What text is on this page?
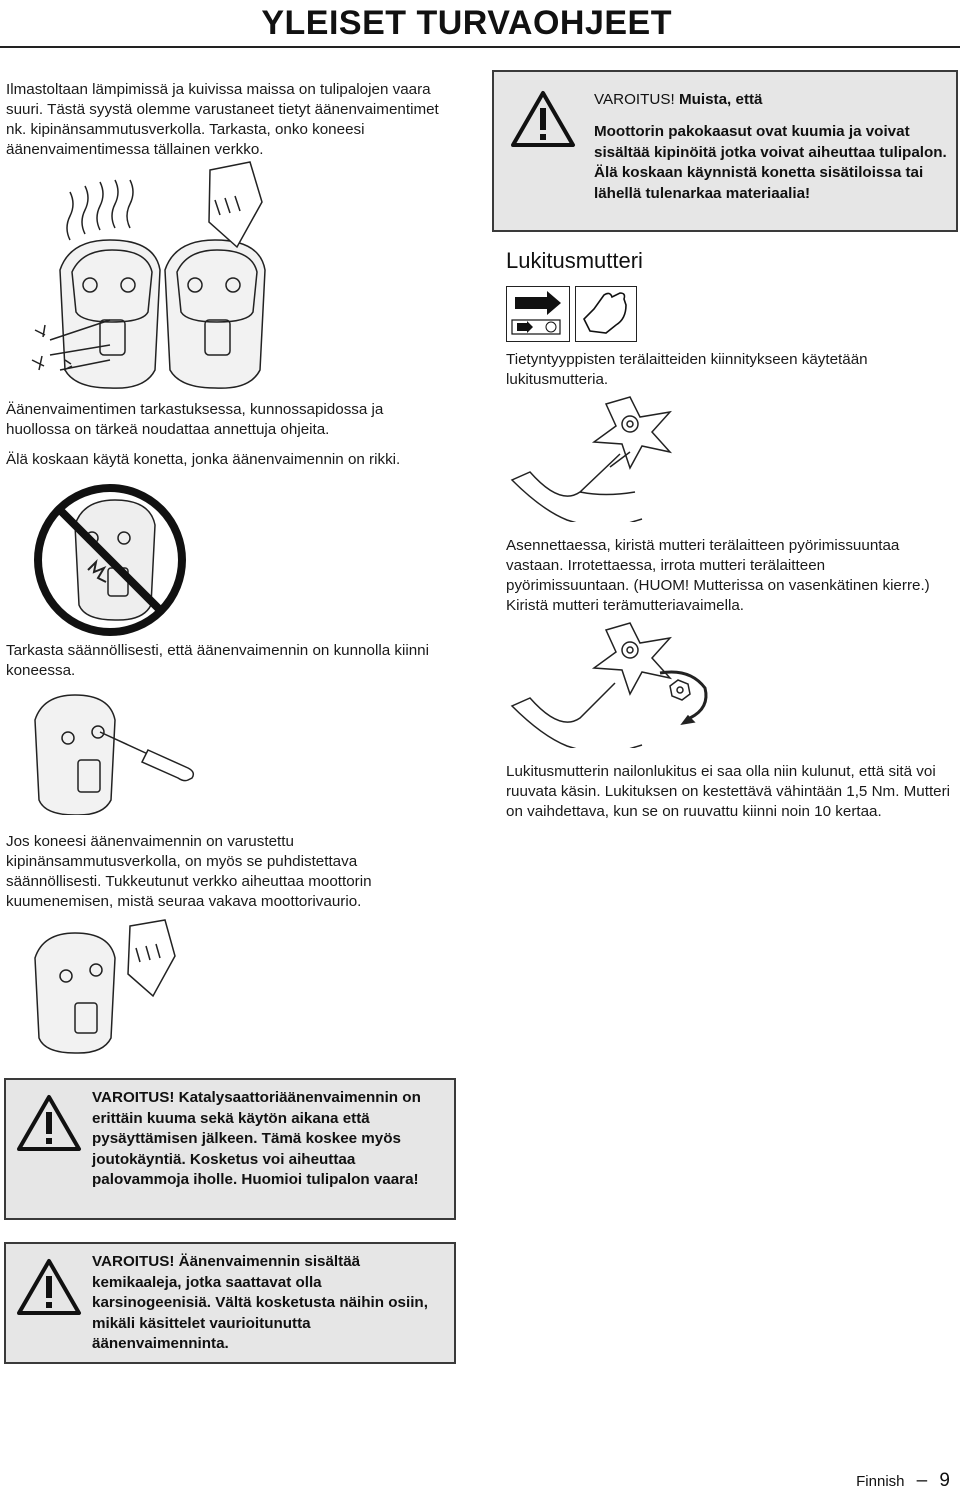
YLEISET TURVAOHJEET
Ilmastoltaan lämpimissä ja kuivissa maissa on tulipalojen vaara suuri. Tästä syystä olemme varustaneet tietyt äänenvaimentimet nk. kipinänsammutusverkolla. Tarkasta, onko koneesi äänenvaimentimessa tällainen verkko.
Äänenvaimentimen tarkastuksessa, kunnossapidossa ja huollossa on tärkeä noudattaa annettuja ohjeita.
Älä koskaan käytä konetta, jonka äänenvaimennin on rikki.
Tarkasta säännöllisesti, että äänenvaimennin on kunnolla kiinni koneessa.
Jos koneesi äänenvaimennin on varustettu kipinänsammutusverkolla, on myös se puhdistettava säännöllisesti. Tukkeutunut verkko aiheuttaa moottorin kuumenemisen, mistä seuraa vakava moottorivaurio.
VAROITUS! Muista, että
Moottorin pakokaasut ovat kuumia ja voivat sisältää kipinöitä jotka voivat aiheuttaa tulipalon. Älä koskaan käynnistä konetta sisätiloissa tai lähellä tulenarkaa materiaalia!
Lukitusmutteri
Tietyntyyppisten terälaitteiden kiinnitykseen käytetään lukitusmutteria.
Asennettaessa, kiristä mutteri terälaitteen pyörimissuuntaa vastaan. Irrotettaessa, irrota mutteri terälaitteen pyörimissuuntaan. (HUOM! Mutterissa on vasenkätinen kierre.) Kiristä mutteri terämutteriavaimella.
Lukitusmutterin nailonlukitus ei saa olla niin kulunut, että sitä voi ruuvata käsin. Lukituksen on kestettävä vähintään 1,5 Nm. Mutteri on vaihdettava, kun se on ruuvattu kiinni noin 10 kertaa.
VAROITUS! Katalysaattoriäänenvaimennin on erittäin kuuma sekä käytön aikana että pysäyttämisen jälkeen. Tämä koskee myös joutokäyntiä. Kosketus voi aiheuttaa palovammoja iholle. Huomioi tulipalon vaara!
VAROITUS! Äänenvaimennin sisältää kemikaaleja, jotka saattavat olla karsinogeenisiä. Vältä kosketusta näihin osiin, mikäli käsittelet vaurioitunutta äänenvaimenninta.
Finnish – 9
